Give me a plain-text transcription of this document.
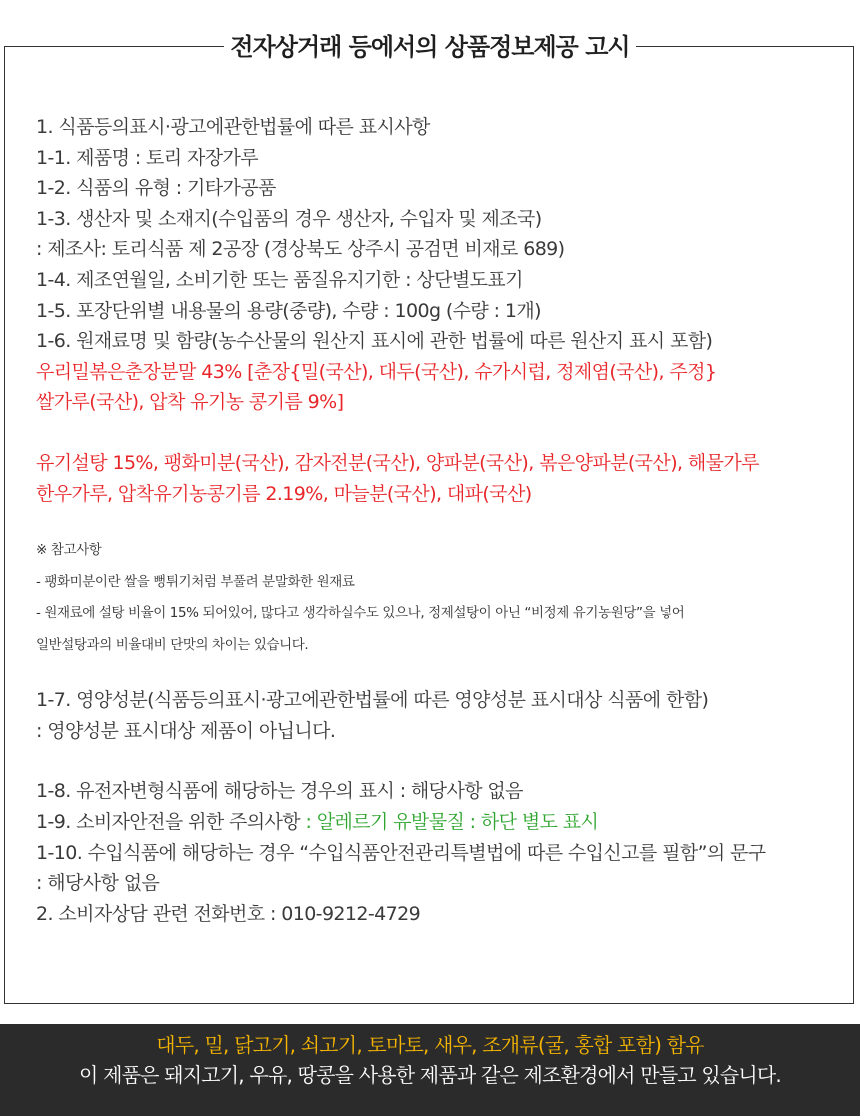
전자상거래 등에서의 상품정보제공 고시
1. 식품등의표시·광고에관한법률에 따른 표시사항
1-1. 제품명 : 토리 자장가루
1-2. 식품의 유형 : 기타가공품
1-3. 생산자 및 소재지(수입품의 경우 생산자, 수입자 및 제조국)
: 제조사: 토리식품 제 2공장 (경상북도 상주시 공검면 비재로 689)
1-4. 제조연월일, 소비기한 또는 품질유지기한 : 상단별도표기
1-5. 포장단위별 내용물의 용량(중량), 수량 : 100g (수량 : 1개)
1-6. 원재료명 및 함량(농수산물의 원산지 표시에 관한 법률에 따른 원산지 표시 포함)
우리밀볶은춘장분말 43% [춘장{밀(국산), 대두(국산), 슈가시럽, 정제염(국산), 주정}
쌀가루(국산), 압착 유기농 콩기름 9%]
유기설탕 15%, 팽화미분(국산), 감자전분(국산), 양파분(국산), 볶은양파분(국산), 해물가루
한우가루, 압착유기농콩기름 2.19%, 마늘분(국산), 대파(국산)
※ 참고사항
- 팽화미분이란 쌀을 뻥튀기처럼 부풀려 분말화한 원재료
- 원재료에 설탕 비율이 15% 되어있어, 많다고 생각하실수도 있으나, 정제설탕이 아닌 “비정제 유기농원당”을 넣어
일반설탕과의 비율대비 단맛의 차이는 있습니다.
1-7. 영양성분(식품등의표시·광고에관한법률에 따른 영양성분 표시대상 식품에 한함)
: 영양성분 표시대상 제품이 아닙니다.
1-8. 유전자변형식품에 해당하는 경우의 표시 : 해당사항 없음
1-9. 소비자안전을 위한 주의사항 : 알레르기 유발물질 : 하단 별도 표시
1-10. 수입식품에 해당하는 경우 “수입식품안전관리특별법에 따른 수입신고를 필함”의 문구
: 해당사항 없음
2. 소비자상담 관련 전화번호 : 010-9212-4729
대두, 밀, 닭고기, 쇠고기, 토마토, 새우, 조개류(굴, 홍합 포함) 함유
이 제품은 돼지고기, 우유, 땅콩을 사용한 제품과 같은 제조환경에서 만들고 있습니다.
